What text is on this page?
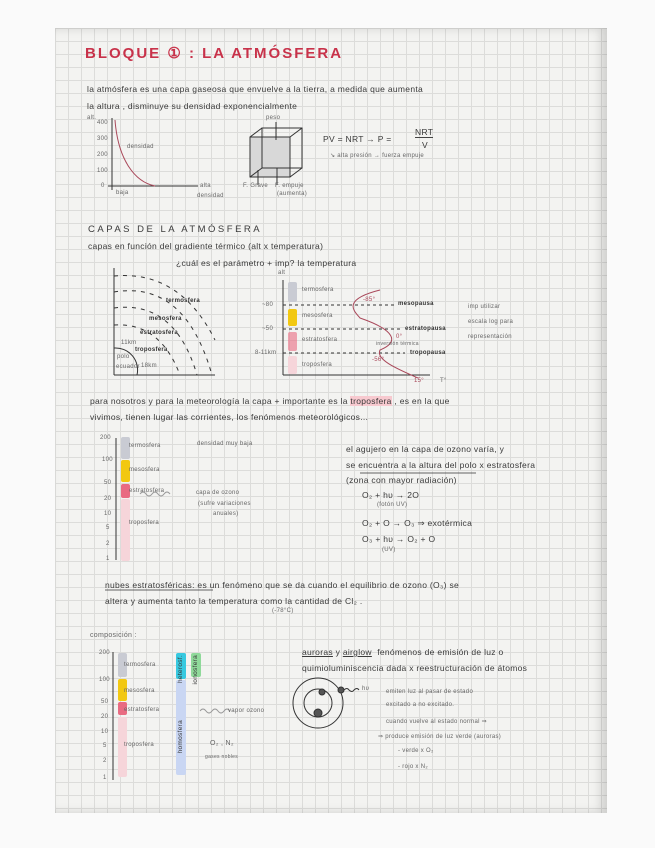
BLOQUE ① : LA ATMÓSFERA
la atmósfera es una capa gaseosa que envuelve a la tierra, a medida que aumenta
la altura , disminuye su densidad exponencialmente
alt.
400
300
200
100
0
densidad
baja
alta
densidad
peso
F. Grave F. empuje
(aumenta)
PV = NRT → P =
NRT
V
↘ alta presión → fuerza empuje
CAPAS DE LA ATMÓSFERA
capas en función del gradiente térmico (alt x temperatura)
¿cuál es el parámetro + imp? la temperatura
termosfera
mesosfera
estratosfera
troposfera
11km
polo
ecuador 18km
alt
~80
~50
8-11km
termosfera
mesosfera
estratosfera
troposfera
-85°
0°
-56°
15°
mesopausa
estratopausa
tropopausa
inversión térmica
T°
imp utilizar
escala log para
representación
para nosotros y para la meteorología la capa + importante es la troposfera , es en la que
vivimos, tienen lugar las corrientes, los fenómenos meteorológicos...
200
100
50
20
10
5
2
1
termosfera
mesosfera
estratosfera
troposfera
densidad muy baja
capa de ozono
(sufre variaciones
anuales)
el agujero en la capa de ozono varía, y
se encuentra a la altura del polo x estratosfera
(zona con mayor radiación)
O₂ + hυ → 2O
(fotón UV)
O₂ + O → O₃ ⇒ exotérmica
O₃ + hυ → O₂ + O
(UV)
nubes estratosféricas: es un fenómeno que se da cuando el equilibrio de ozono (O₃) se
altera y aumenta tanto la temperatura como la cantidad de Cl₂ .
(-78°C)
composición :
heterosf. ionosfera
homosfera
200
100
50
20
10
5
2
1
termosfera
mesosfera
estratosfera
troposfera
vapor ozono
O₂ , N₂
gases nobles
auroras y airglow fenómenos de emisión de luz o
quimioluminiscencia dada x reestructuración de átomos
hυ	emiten luz al pasar de estado
excitado a no excitado.
cuando vuelve al estado normal ⇒
⇒ produce emisión de luz verde (auroras)
- verde x O₂
- rojo x N₂
